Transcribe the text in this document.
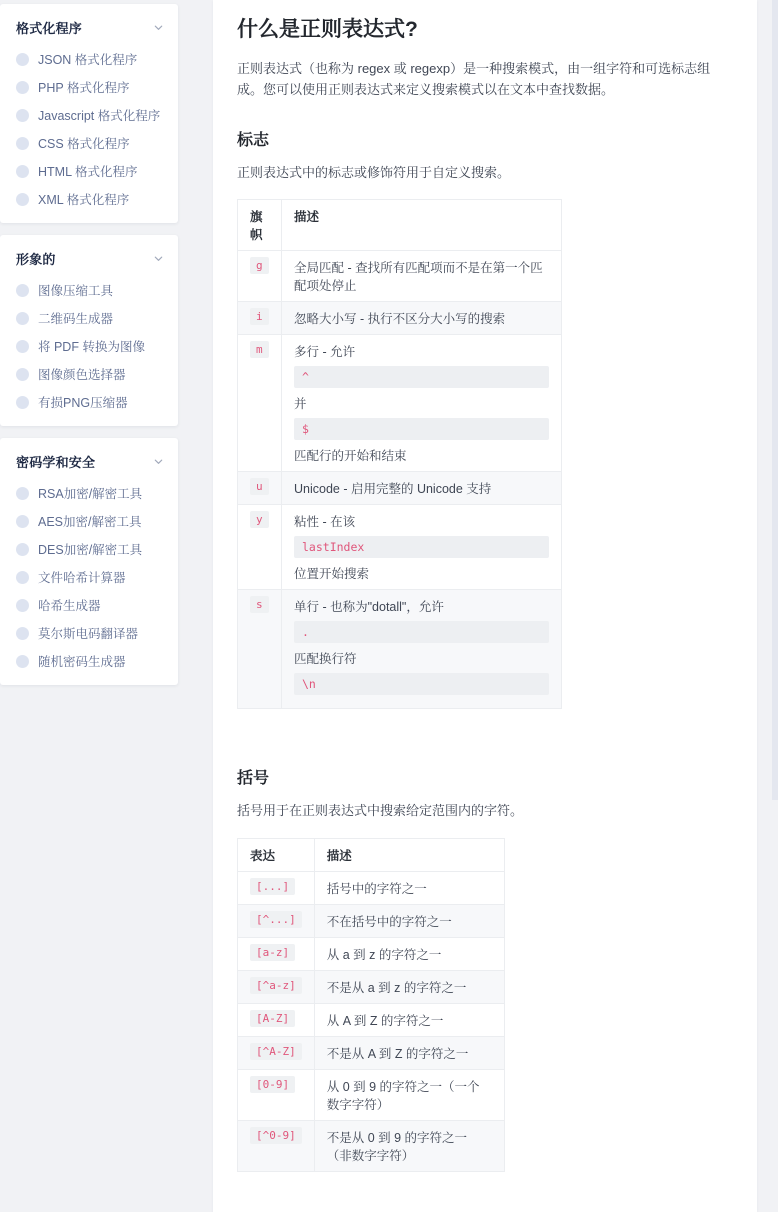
格式化程序
JSON 格式化程序
PHP 格式化程序
Javascript 格式化程序
CSS 格式化程序
HTML 格式化程序
XML 格式化程序
形象的
图像压缩工具
二维码生成器
将 PDF 转换为图像
图像颜色选择器
有损PNG压缩器
密码学和安全
RSA加密/解密工具
AES加密/解密工具
DES加密/解密工具
文件哈希计算器
哈希生成器
莫尔斯电码翻译器
随机密码生成器
什么是正则表达式?

正则表达式（也称为 regex 或 regexp）是一种搜索模式，由一组字符和可选标志组成。您可以使用正则表达式来定义搜索模式以在文本中查找数据。

标志

正则表达式中的标志或修饰符用于自定义搜索。

旗帜	描述
g	全局匹配 - 查找所有匹配项而不是在第一个匹配项处停止
i	忽略大小写 - 执行不区分大小写的搜索
m	多行 - 允许
^
并
$
匹配行的开始和结束
u	Unicode - 启用完整的 Unicode 支持
y	粘性 - 在该
lastIndex
位置开始搜索
s	单行 - 也称为"dotall"，允许
.
匹配换行符
\n
括号

括号用于在正则表达式中搜索给定范围内的字符。

表达	描述
[...]	括号中的字符之一
[^...]	不在括号中的字符之一
[a-z]	从 a 到 z 的字符之一
[^a-z]	不是从 a 到 z 的字符之一
[A-Z]	从 A 到 Z 的字符之一
[^A-Z]	不是从 A 到 Z 的字符之一
[0-9]	从 0 到 9 的字符之一（一个数字字符）
[^0-9]	不是从 0 到 9 的字符之一（非数字字符）
